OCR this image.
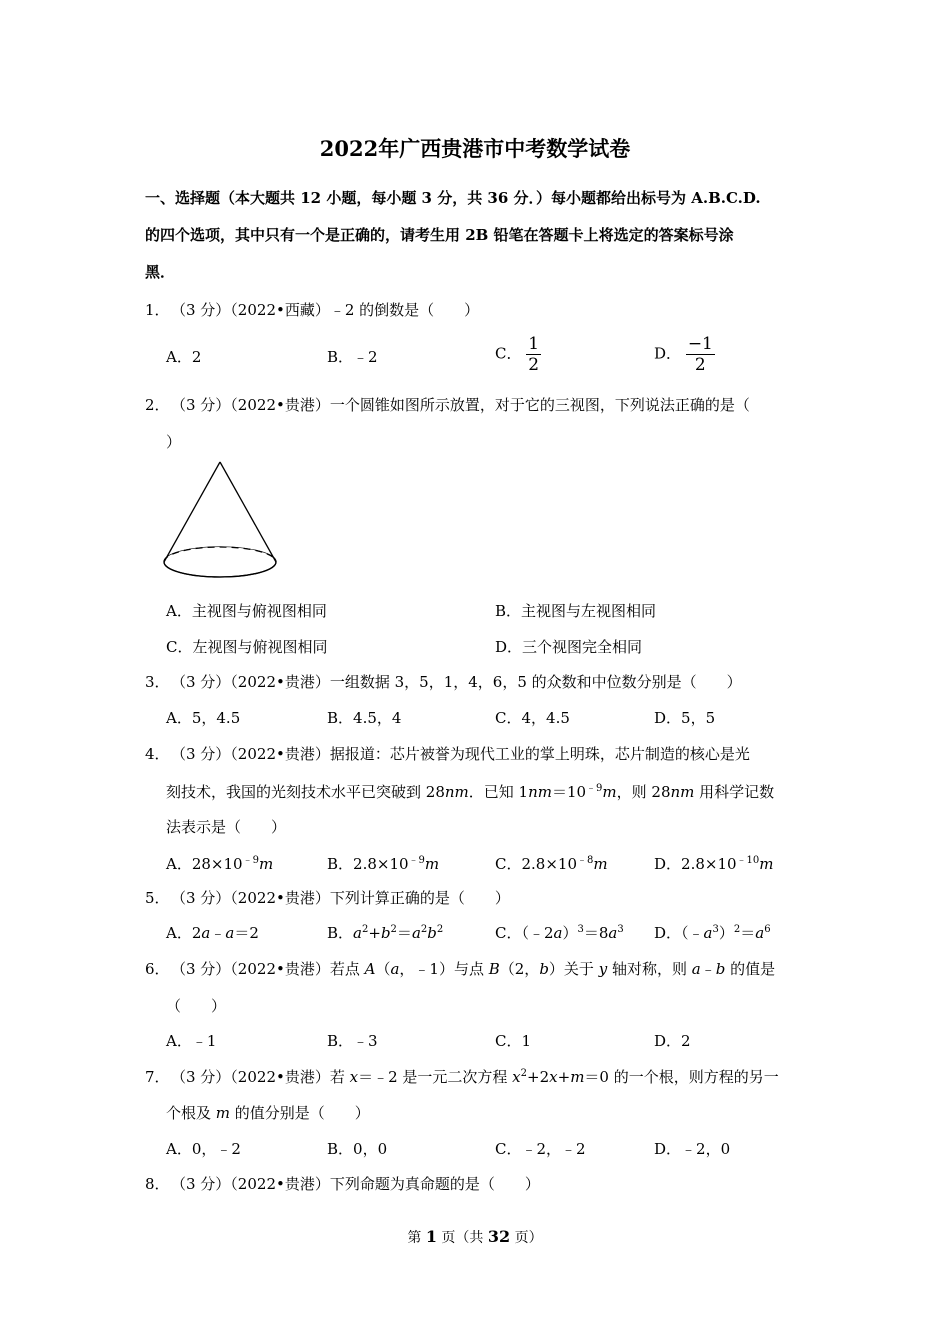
2022年广西贵港市中考数学试卷
一、选择题（本大题共 12 小题，每小题 3 分，共 36 分．）每小题都给出标号为 A.B.C.D.
的四个选项，其中只有一个是正确的，请考生用 2B 铅笔在答题卡上将选定的答案标号涂
黑．
1．（3 分）（2022•西藏）﹣2 的倒数是（　　）
A．2	B．﹣2	C． $\frac{1}{2}$	D． $\frac{-1}{2}$
2．（3 分）（2022•贵港）一个圆锥如图所示放置，对于它的三视图，下列说法正确的是（
）
A．主视图与俯视图相同	B．主视图与左视图相同
C．左视图与俯视图相同	D．三个视图完全相同
3．（3 分）（2022•贵港）一组数据 3，5，1，4，6，5 的众数和中位数分别是（　　）
A．5，4.5	B．4.5，4	C．4，4.5	D．5，5
4．（3 分）（2022•贵港）据报道：芯片被誉为现代工业的掌上明珠，芯片制造的核心是光
刻技术，我国的光刻技术水平已突破到 28nm．已知 $1nm=10^{﹣9}m$，则 28nm 用科学记数
法表示是（　　）
A．$28\times 10^{﹣9}m$	B．$2.8\times 10^{﹣9}m$	C．$2.8\times 10^{﹣8}m$	D．$2.8\times 10^{﹣10}m$
5．（3 分）（2022•贵港）下列计算正确的是（　　）
A．2a﹣a＝2	B．$a^2+b^2=a^2b^2$	C．$(﹣2a)^3=8a^3$ D．$(﹣a^3)^2=a^6$
6．（3 分）（2022•贵港）若点 A（a，﹣1）与点 B（2，b）关于 y 轴对称，则 a﹣b 的值是
（　　）
A．﹣1	B．﹣3	C．1	D．2
7．（3 分）（2022•贵港）若 x＝﹣2 是一元二次方程 $x^2+2x+m=0$ 的一个根，则方程的另一
个根及 m 的值分别是（　　）
A．0，﹣2	B．0，0	C．﹣2，﹣2	D．﹣2，0
8．（3 分）（2022•贵港）下列命题为真命题的是（　　）
第 1 页（共 32 页）
